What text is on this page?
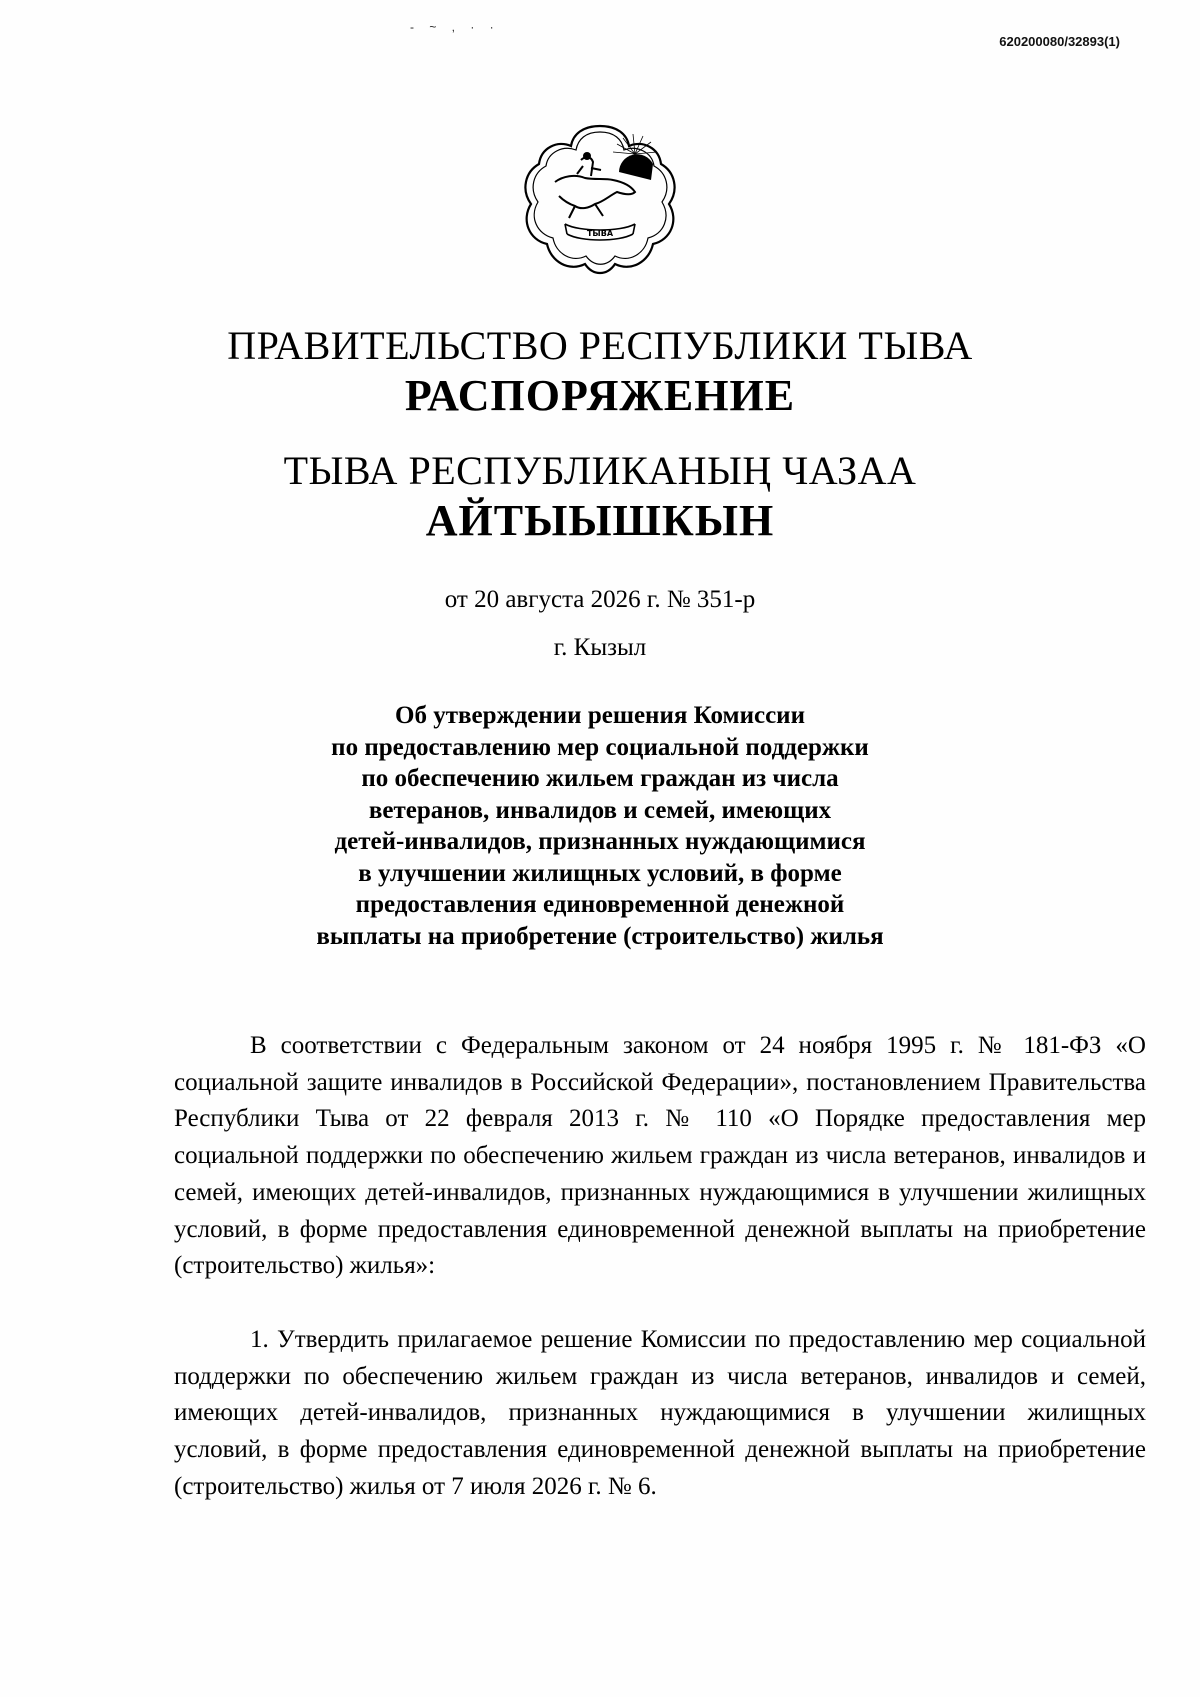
- ~ , · ·
620200080/32893(1)
ТЫВА
ПРАВИТЕЛЬСТВО РЕСПУБЛИКИ ТЫВА
РАСПОРЯЖЕНИЕ
ТЫВА РЕСПУБЛИКАНЫҢ ЧАЗАА
АЙТЫЫШКЫН
от 20 августа 2026 г. № 351-р
г. Кызыл
Об утверждении решения Комиссии
по предоставлению мер социальной поддержки
по обеспечению жильем граждан из числа
ветеранов, инвалидов и семей, имеющих
детей-инвалидов, признанных нуждающимися
в улучшении жилищных условий, в форме
предоставления единовременной денежной
выплаты на приобретение (строительство) жилья

В соответствии с Федеральным законом от 24 ноября 1995 г. № 181-ФЗ «О социальной защите инвалидов в Российской Федерации», постановлением Правительства Республики Тыва от 22 февраля 2013 г. № 110 «О Порядке предоставления мер социальной поддержки по обеспечению жильем граждан из числа ветеранов, инвалидов и семей, имеющих детей-инвалидов, признанных нуждающимися в улучшении жилищных условий, в форме предоставления единовременной денежной выплаты на приобретение (строительство) жилья»:

1. Утвердить прилагаемое решение Комиссии по предоставлению мер социальной поддержки по обеспечению жильем граждан из числа ветеранов, инвалидов и семей, имеющих детей-инвалидов, признанных нуждающимися в улучшении жилищных условий, в форме предоставления единовременной денежной выплаты на приобретение (строительство) жилья от 7 июля 2026 г. № 6.
